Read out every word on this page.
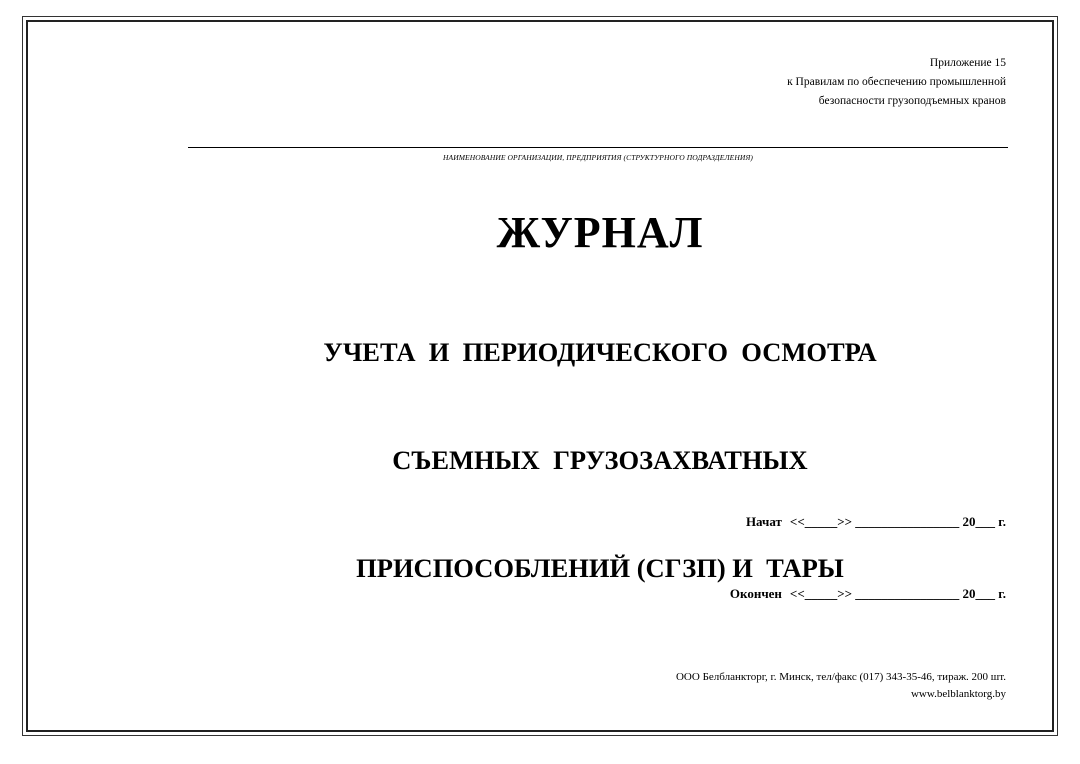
Приложение 15
к Правилам по обеспечению промышленной
безопасности грузоподъемных кранов
НАИМЕНОВАНИЕ ОРГАНИЗАЦИИ, ПРЕДПРИЯТИЯ (СТРУКТУРНОГО ПОДРАЗДЕЛЕНИЯ)
ЖУРНАЛ

УЧЕТА  И  ПЕРИОДИЧЕСКОГО  ОСМОТРА

СЪЕМНЫХ  ГРУЗОЗАХВАТНЫХ

ПРИСПОСОБЛЕНИЙ (СГЗП) И  ТАРЫ

Начат <<_____>> ________________ 20___ г.

Окончен <<_____>> ________________ 20___ г.

ООО Белбланкторг, г. Минск, тел/факс (017) 343-35-46, тираж. 200 шт.
www.belblanktorg.by
